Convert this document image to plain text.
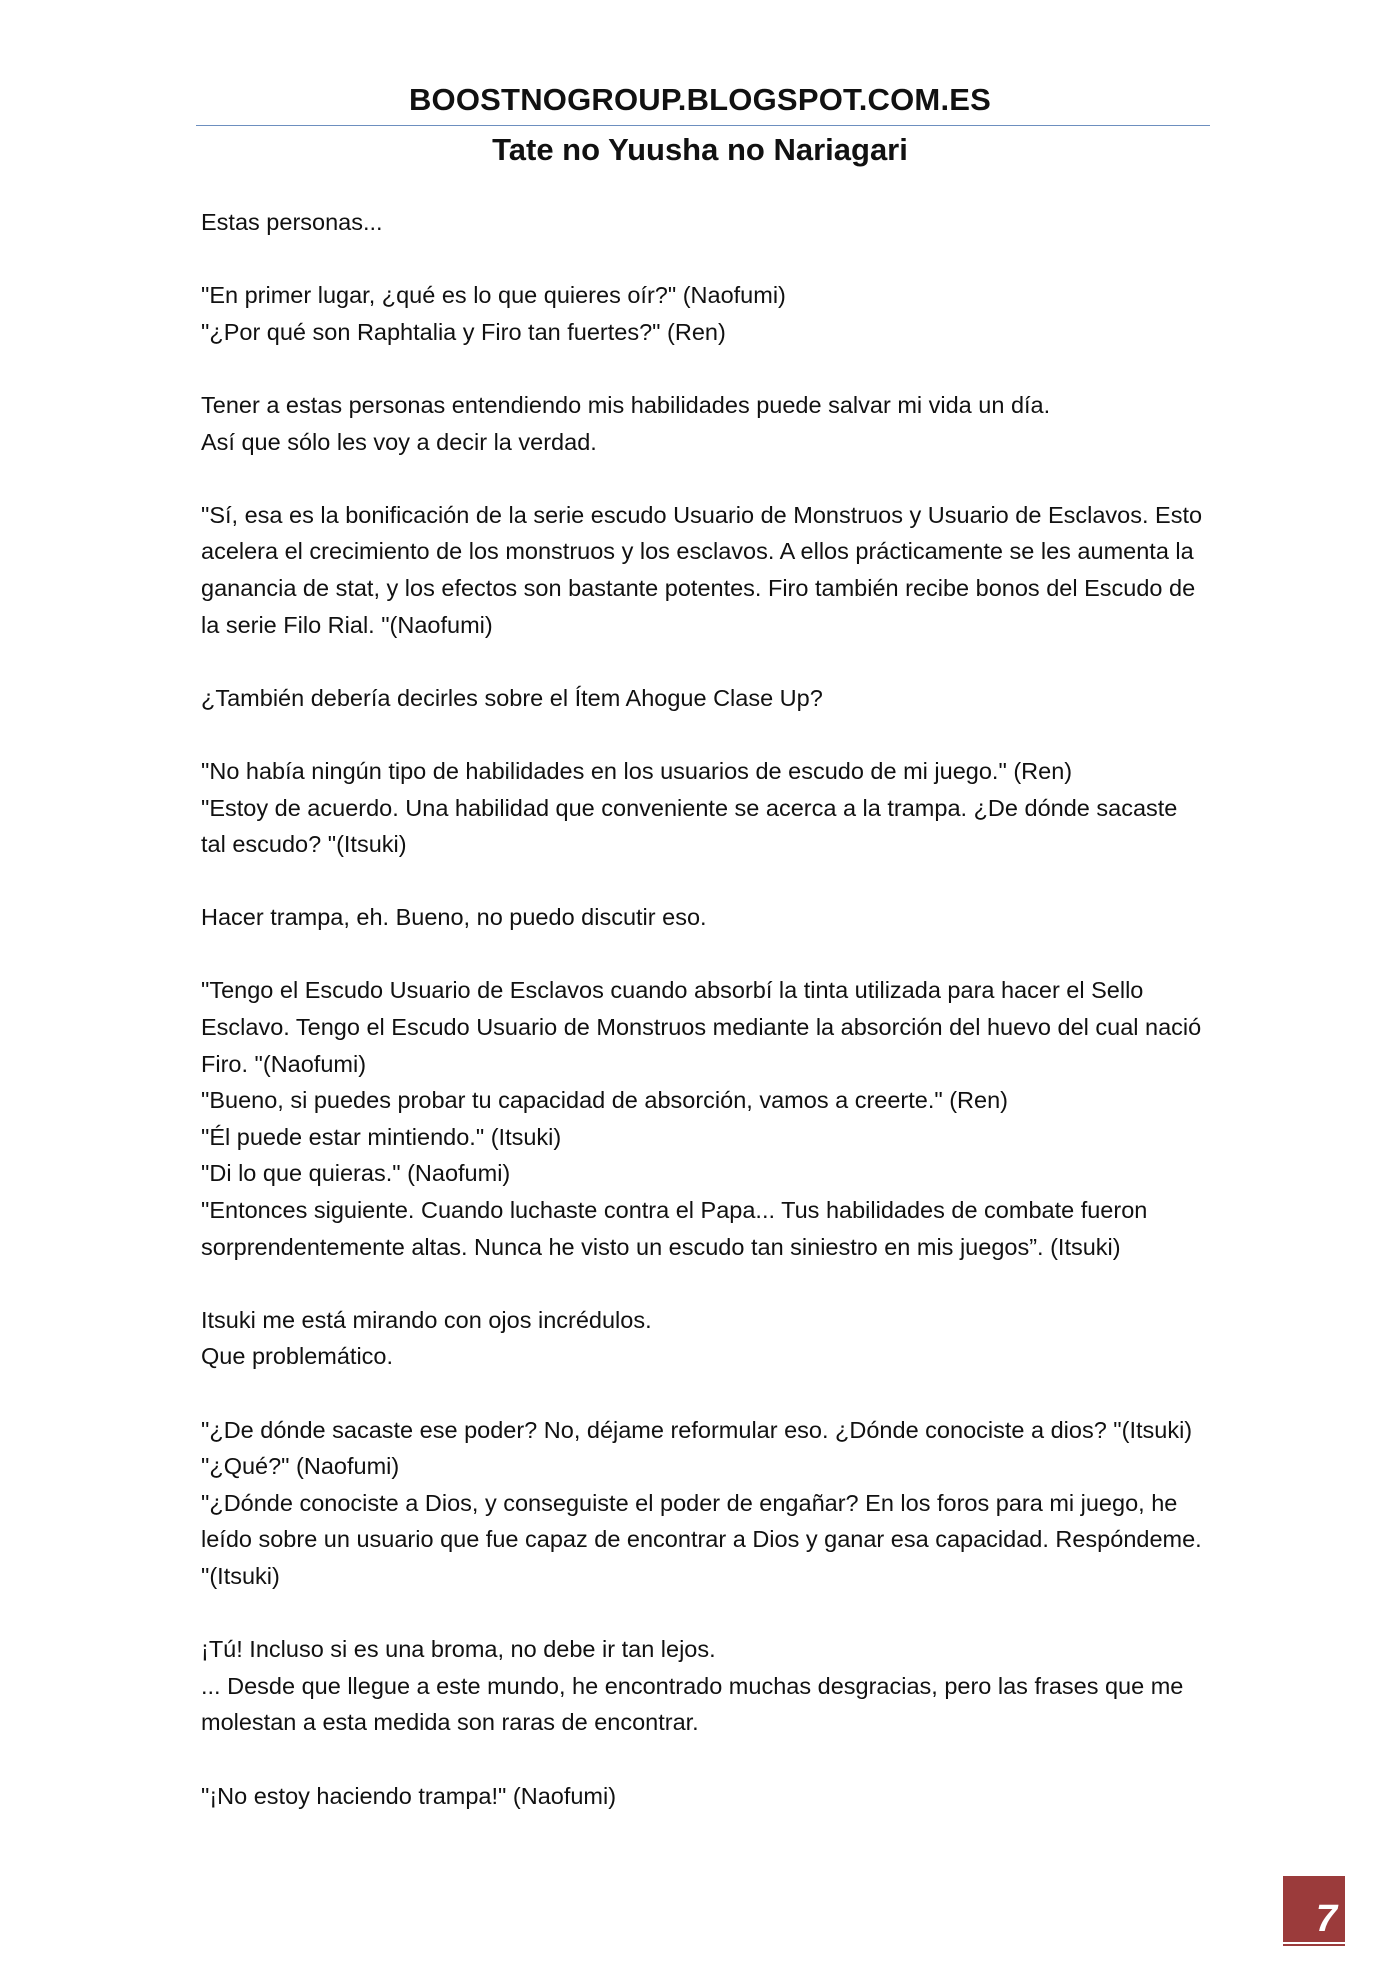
BOOSTNOGROUP.BLOGSPOT.COM.ES
Tate no Yuusha no Nariagari
Estas personas...
"En primer lugar, ¿qué es lo que quieres oír?" (Naofumi)
"¿Por qué son Raphtalia y Firo tan fuertes?" (Ren)
Tener a estas personas entendiendo mis habilidades puede salvar mi vida un día.
Así que sólo les voy a decir la verdad.
"Sí, esa es la bonificación de la serie escudo Usuario de Monstruos y Usuario de Esclavos. Esto
acelera el crecimiento de los monstruos y los esclavos. A ellos prácticamente se les aumenta la
ganancia de stat, y los efectos son bastante potentes. Firo también recibe bonos del Escudo de
la serie Filo Rial. "(Naofumi)
¿También debería decirles sobre el Ítem Ahogue Clase Up?
"No había ningún tipo de habilidades en los usuarios de escudo de mi juego." (Ren)
"Estoy de acuerdo. Una habilidad que conveniente se acerca a la trampa. ¿De dónde sacaste
tal escudo? "(Itsuki)
Hacer trampa, eh. Bueno, no puedo discutir eso.
"Tengo el Escudo Usuario de Esclavos cuando absorbí la tinta utilizada para hacer el Sello
Esclavo. Tengo el Escudo Usuario de Monstruos mediante la absorción del huevo del cual nació
Firo. "(Naofumi)
"Bueno, si puedes probar tu capacidad de absorción, vamos a creerte." (Ren)
"Él puede estar mintiendo." (Itsuki)
"Di lo que quieras." (Naofumi)
"Entonces siguiente. Cuando luchaste contra el Papa... Tus habilidades de combate fueron
sorprendentemente altas. Nunca he visto un escudo tan siniestro en mis juegos”. (Itsuki)
Itsuki me está mirando con ojos incrédulos.
Que problemático.
"¿De dónde sacaste ese poder? No, déjame reformular eso. ¿Dónde conociste a dios? "(Itsuki)
"¿Qué?" (Naofumi)
"¿Dónde conociste a Dios, y conseguiste el poder de engañar? En los foros para mi juego, he
leído sobre un usuario que fue capaz de encontrar a Dios y ganar esa capacidad. Respóndeme.
"(Itsuki)
¡Tú! Incluso si es una broma, no debe ir tan lejos.
... Desde que llegue a este mundo, he encontrado muchas desgracias, pero las frases que me
molestan a esta medida son raras de encontrar.
"¡No estoy haciendo trampa!" (Naofumi)
7
